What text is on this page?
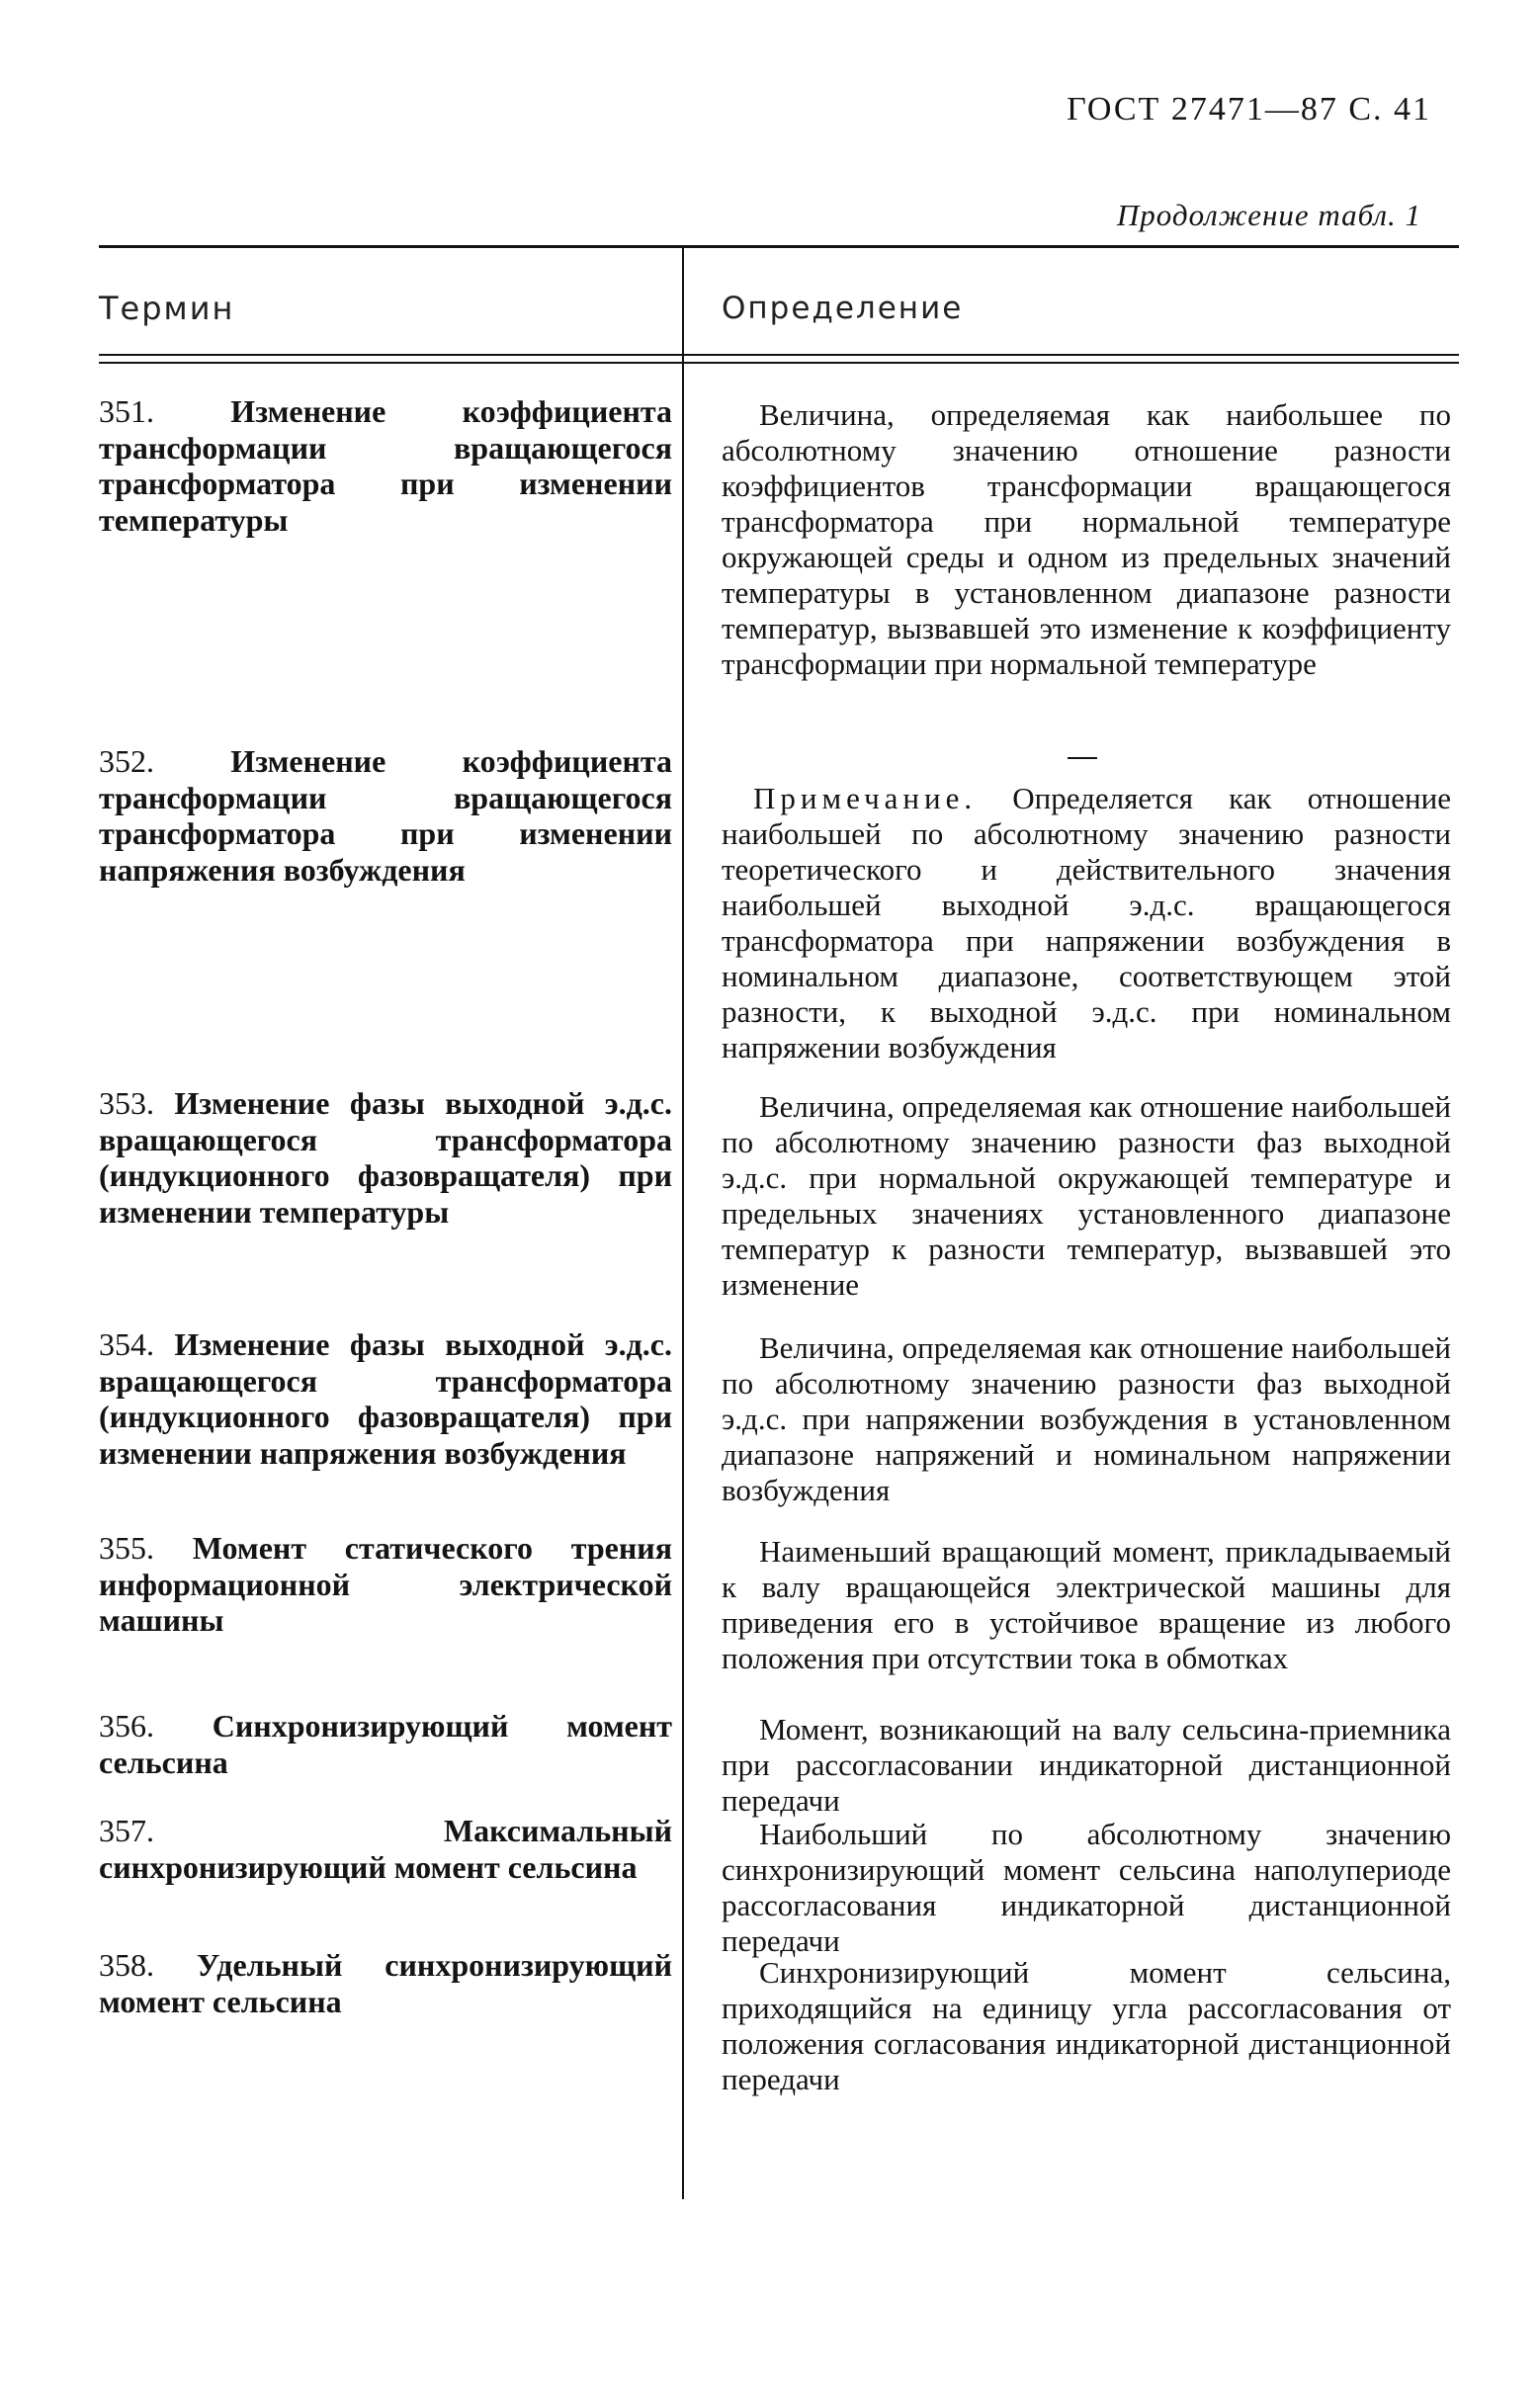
ГОСТ 27471—87 С. 41
Продолжение табл. 1
Термин	Определение
351. Изменение коэффициента трансформации вращающегося трансформатора при изменении температуры
Величина, определяемая как наибольшее по абсолютному значению отношение разности коэффициентов трансформации вращающегося трансформатора при нормальной температуре окружающей среды и одном из предельных значений температуры в установленном диапазоне разности температур, вызвавшей это изменение к коэффициенту трансформации при нормальной температуре
352. Изменение коэффициента трансформации вращающегося трансформатора при изменении напряжения возбуждения
Примечание. Определяется как отношение наибольшей по абсолютному значению разности теоретического и действительного значения наибольшей выходной э.д.с. вращающегося трансформатора при напряжении возбуждения в номинальном диапазоне, соответствующем этой разности, к выходной э.д.с. при номинальном напряжении возбуждения
353. Изменение фазы выходной э.д.с. вращающегося трансформатора (индукционного фазовращателя) при изменении температуры
Величина, определяемая как отношение наибольшей по абсолютному значению разности фаз выходной э.д.с. при нормальной окружающей температуре и предельных значениях установленного диапазоне температур к разности температур, вызвавшей это изменение
354. Изменение фазы выходной э.д.с. вращающегося трансформатора (индукционного фазовращателя) при изменении напряжения возбуждения
Величина, определяемая как отношение наибольшей по абсолютному значению разности фаз выходной э.д.с. при напряжении возбуждения в установленном диапазоне напряжений и номинальном напряжении возбуждения
355. Момент статического трения информационной электрической машины
Наименьший вращающий момент, прикладываемый к валу вращающейся электрической машины для приведения его в устойчивое вращение из любого положения при отсутствии тока в обмотках
356. Синхронизирующий момент сельсина
Момент, возникающий на валу сельсина-приемника при рассогласовании индикаторной дистанционной передачи
357.	Максимальный синхронизирующий момент сельсина
Наибольший по абсолютному значению синхронизирующий момент сельсина наполупериоде рассогласования индикаторной дистанционной передачи
358. Удельный синхронизирующий момент сельсина
Синхронизирующий момент сельсина, приходящийся на единицу угла рассогласования от положения согласования индикаторной дистанционной передачи
